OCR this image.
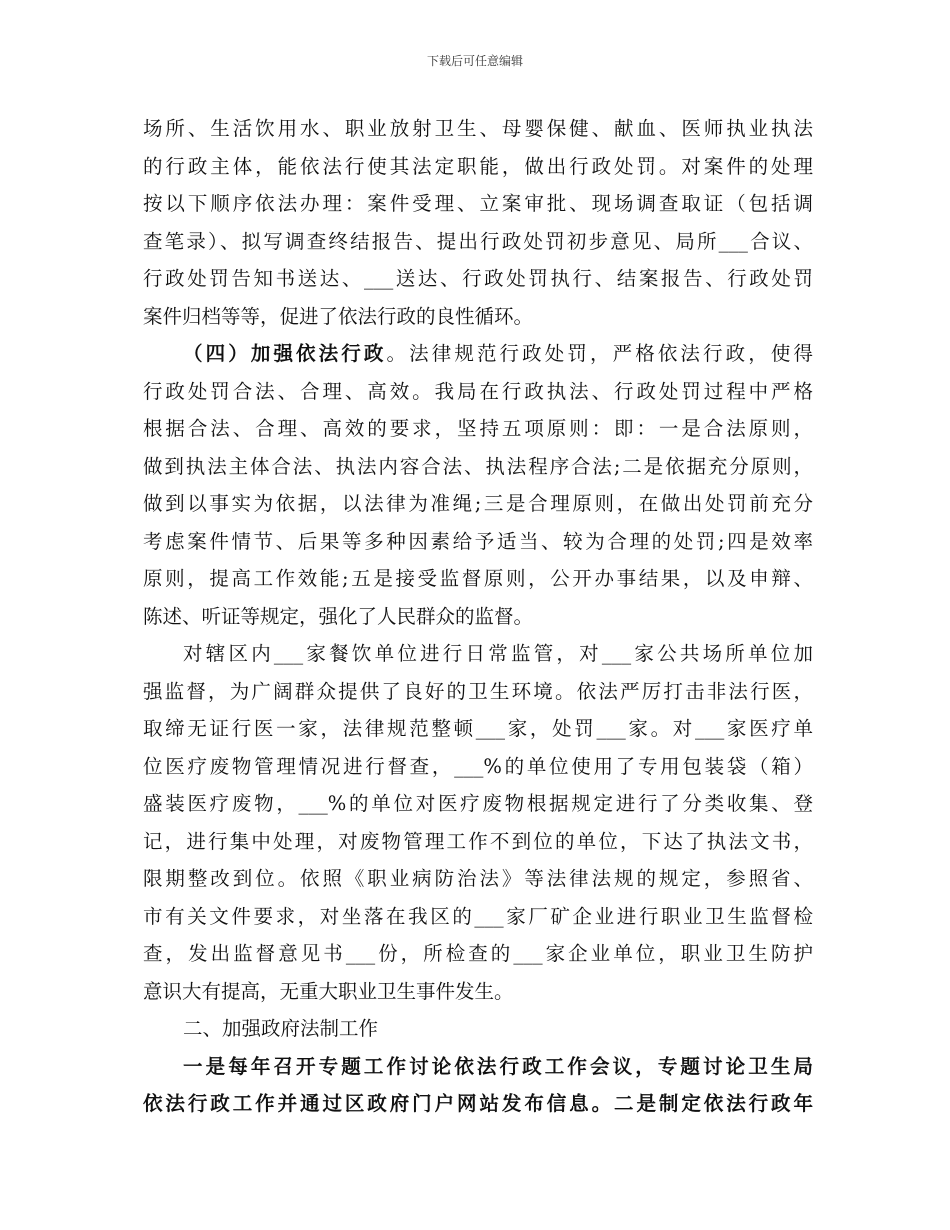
下载后可任意编辑
场所、生活饮用水、职业放射卫生、母婴保健、献血、医师执业执法
的行政主体，能依法行使其法定职能，做出行政处罚。对案件的处理
按以下顺序依法办理：案件受理、立案审批、现场调查取证（包括调
查笔录）、拟写调查终结报告、提出行政处罚初步意见、局所___合议、
行政处罚告知书送达、___送达、行政处罚执行、结案报告、行政处罚
案件归档等等，促进了依法行政的良性循环。
（四）加强依法行政。法律规范行政处罚，严格依法行政，使得
行政处罚合法、合理、高效。我局在行政执法、行政处罚过程中严格
根据合法、合理、高效的要求，坚持五项原则：即：一是合法原则，
做到执法主体合法、执法内容合法、执法程序合法;二是依据充分原则，
做到以事实为依据，以法律为准绳;三是合理原则，在做出处罚前充分
考虑案件情节、后果等多种因素给予适当、较为合理的处罚;四是效率
原则，提高工作效能;五是接受监督原则，公开办事结果，以及申辩、
陈述、听证等规定，强化了人民群众的监督。
对辖区内___家餐饮单位进行日常监管，对___家公共场所单位加
强监督，为广阔群众提供了良好的卫生环境。依法严厉打击非法行医，
取缔无证行医一家，法律规范整顿___家，处罚___家。对___家医疗单
位医疗废物管理情况进行督查，___%的单位使用了专用包装袋（箱）
盛装医疗废物，___%的单位对医疗废物根据规定进行了分类收集、登
记，进行集中处理，对废物管理工作不到位的单位，下达了执法文书，
限期整改到位。依照《职业病防治法》等法律法规的规定，参照省、
市有关文件要求，对坐落在我区的___家厂矿企业进行职业卫生监督检
查，发出监督意见书___份，所检查的___家企业单位，职业卫生防护
意识大有提高，无重大职业卫生事件发生。
二、加强政府法制工作
一是每年召开专题工作讨论依法行政工作会议，专题讨论卫生局
依法行政工作并通过区政府门户网站发布信息。二是制定依法行政年
